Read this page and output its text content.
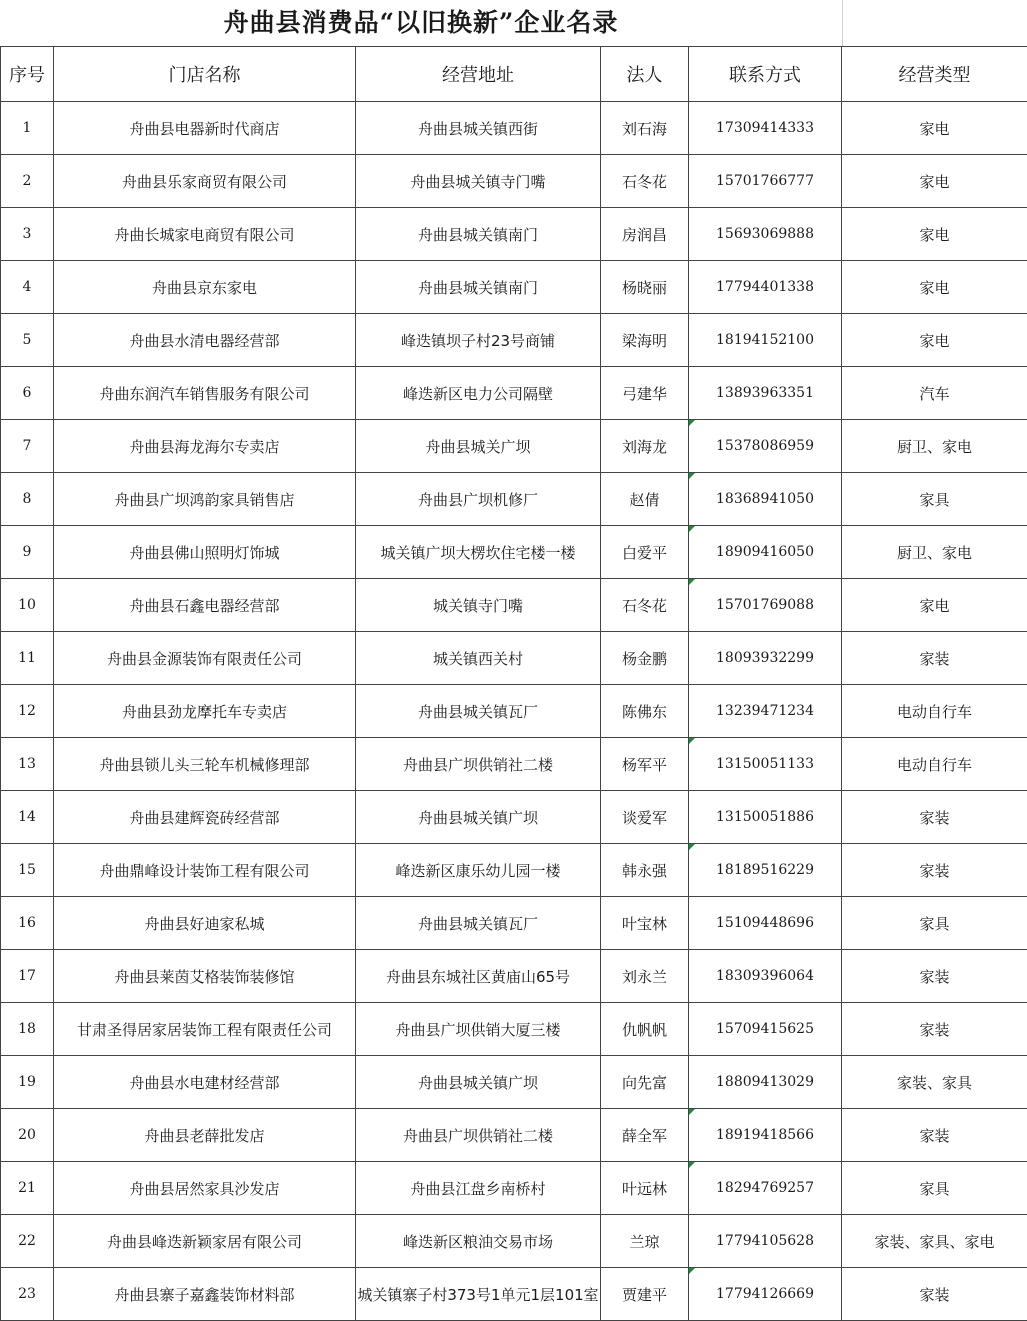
舟曲县消费品“以旧换新”企业名录
序号	门店名称	经营地址	法人	联系方式	经营类型
1	舟曲县电器新时代商店	舟曲县城关镇西街	刘石海	17309414333	家电
2	舟曲县乐家商贸有限公司	舟曲县城关镇寺门嘴	石冬花	15701766777	家电
3	舟曲长城家电商贸有限公司	舟曲县城关镇南门	房润昌	15693069888	家电
4	舟曲县京东家电	舟曲县城关镇南门	杨晓丽	17794401338	家电
5	舟曲县水清电器经营部	峰迭镇坝子村23号商铺	梁海明	18194152100	家电
6	舟曲东润汽车销售服务有限公司	峰迭新区电力公司隔壁	弓建华	13893963351	汽车
7	舟曲县海龙海尔专卖店	舟曲县城关广坝	刘海龙	15378086959	厨卫、家电
8	舟曲县广坝鸿韵家具销售店	舟曲县广坝机修厂	赵倩	18368941050	家具
9	舟曲县佛山照明灯饰城	城关镇广坝大楞坎住宅楼一楼	白爱平	18909416050	厨卫、家电
10	舟曲县石鑫电器经营部	城关镇寺门嘴	石冬花	15701769088	家电
11	舟曲县金源装饰有限责任公司	城关镇西关村	杨金鹏	18093932299	家装
12	舟曲县劲龙摩托车专卖店	舟曲县城关镇瓦厂	陈佛东	13239471234	电动自行车
13	舟曲县锁儿头三轮车机械修理部	舟曲县广坝供销社二楼	杨军平	13150051133	电动自行车
14	舟曲县建辉瓷砖经营部	舟曲县城关镇广坝	谈爱军	13150051886	家装
15	舟曲鼎峰设计装饰工程有限公司	峰迭新区康乐幼儿园一楼	韩永强	18189516229	家装
16	舟曲县好迪家私城	舟曲县城关镇瓦厂	叶宝林	15109448696	家具
17	舟曲县莱茵艾格装饰装修馆	舟曲县东城社区黄庙山65号	刘永兰	18309396064	家装
18	甘肃圣得居家居装饰工程有限责任公司	舟曲县广坝供销大厦三楼	仇帆帆	15709415625	家装
19	舟曲县水电建材经营部	舟曲县城关镇广坝	向先富	18809413029	家装、家具
20	舟曲县老薛批发店	舟曲县广坝供销社二楼	薛全军	18919418566	家装
21	舟曲县居然家具沙发店	舟曲县江盘乡南桥村	叶远林	18294769257	家具
22	舟曲县峰迭新颖家居有限公司	峰迭新区粮油交易市场	兰琼	17794105628	家装、家具、家电
23	舟曲县寨子嘉鑫装饰材料部	城关镇寨子村373号1单元1层101室	贾建平	17794126669	家装
